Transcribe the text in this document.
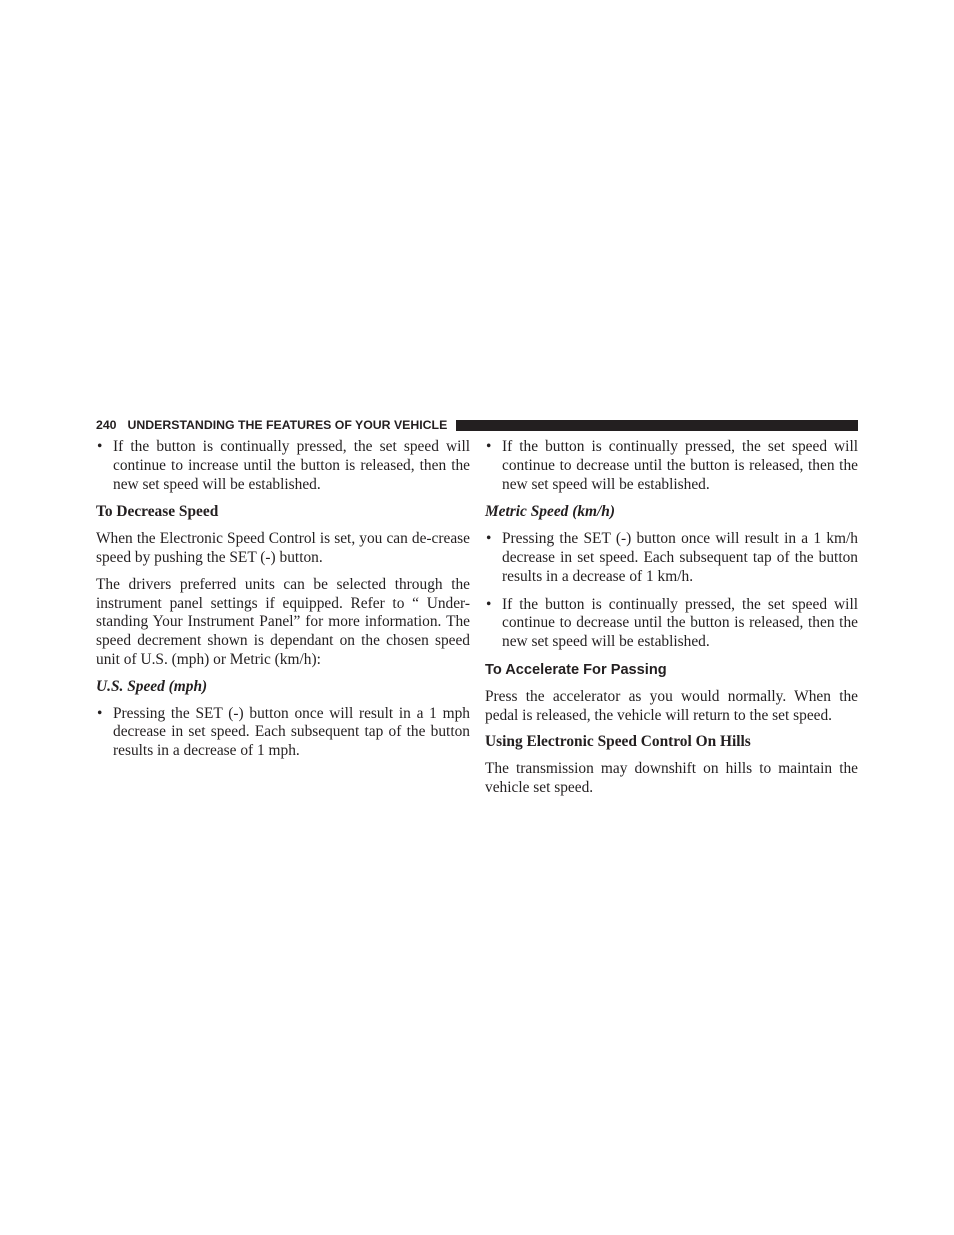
240 UNDERSTANDING THE FEATURES OF YOUR VEHICLE
• If the button is continually pressed, the set speed will continue to increase until the button is released, then the new set speed will be established.
To Decrease Speed

When the Electronic Speed Control is set, you can de-crease speed by pushing the SET (-) button.

The drivers preferred units can be selected through the instrument panel settings if equipped. Refer to “ Under-standing Your Instrument Panel” for more information. The speed decrement shown is dependant on the chosen speed unit of U.S. (mph) or Metric (km/h):

U.S. Speed (mph)
• Pressing the SET (-) button once will result in a 1 mph decrease in set speed. Each subsequent tap of the button results in a decrease of 1 mph.
• If the button is continually pressed, the set speed will continue to decrease until the button is released, then the new set speed will be established.
Metric Speed (km/h)
• Pressing the SET (-) button once will result in a 1 km/h decrease in set speed. Each subsequent tap of the button results in a decrease of 1 km/h.
• If the button is continually pressed, the set speed will continue to decrease until the button is released, then the new set speed will be established.
To Accelerate For Passing

Press the accelerator as you would normally. When the pedal is released, the vehicle will return to the set speed.

Using Electronic Speed Control On Hills

The transmission may downshift on hills to maintain the vehicle set speed.
